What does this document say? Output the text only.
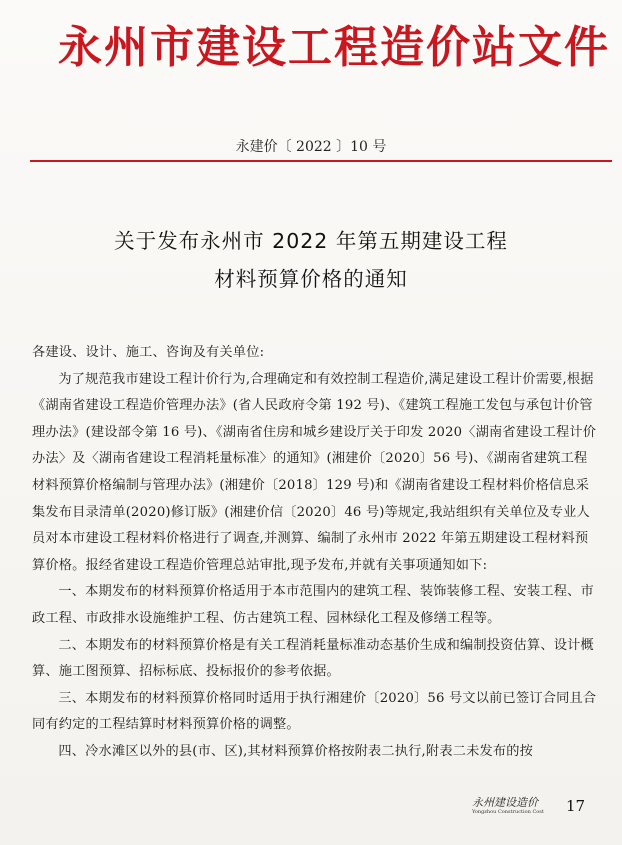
永州市建设工程造价站文件
永建价〔 2022 〕10 号
关于发布永州市 2022 年第五期建设工程
材料预算价格的通知

各建设、设计、施工、咨询及有关单位:

为了规范我市建设工程计价行为,合理确定和有效控制工程造价,满足建设工程计价需要,根据《湖南省建设工程造价管理办法》(省人民政府令第 192 号)、《建筑工程施工发包与承包计价管理办法》(建设部令第 16 号)、《湖南省住房和城乡建设厅关于印发 2020〈湖南省建设工程计价办法〉及〈湖南省建设工程消耗量标准〉的通知》(湘建价〔2020〕56 号)、《湖南省建筑工程材料预算价格编制与管理办法》(湘建价〔2018〕129 号)和《湖南省建设工程材料价格信息采集发布目录清单(2020)修订版》(湘建价信〔2020〕46 号)等规定,我站组织有关单位及专业人员对本市建设工程材料价格进行了调查,并测算、编制了永州市 2022 年第五期建设工程材料预算价格。报经省建设工程造价管理总站审批,现予发布,并就有关事项通知如下:

一、本期发布的材料预算价格适用于本市范围内的建筑工程、装饰装修工程、安装工程、市政工程、市政排水设施维护工程、仿古建筑工程、园林绿化工程及修缮工程等。

二、本期发布的材料预算价格是有关工程消耗量标准动态基价生成和编制投资估算、设计概算、施工图预算、招标标底、投标报价的参考依据。

三、本期发布的材料预算价格同时适用于执行湘建价〔2020〕56 号文以前已签订合同且合同有约定的工程结算时材料预算价格的调整。

四、冷水滩区以外的县(市、区),其材料预算价格按附表二执行,附表二未发布的按

永州建设造价
Yongzhou Construction Cost 17
